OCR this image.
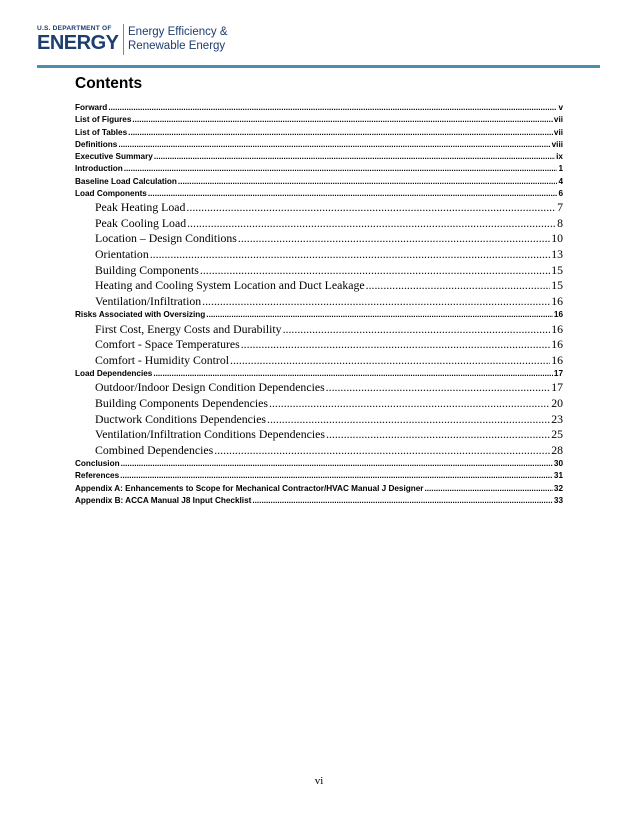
U.S. DEPARTMENT OF
ENERGY Energy Efficiency &
Renewable Energy
Contents
Forward .....	v
List of Figures .....	vii
List of Tables .....	vii
Definitions .....	viii
Executive Summary .....	ix
Introduction .....	1
Baseline Load Calculation .....	4
Load Components .....	6
Peak Heating Load .....	7
Peak Cooling Load .....	8
Location – Design Conditions .....	10
Orientation .....	13
Building Components .....	15
Heating and Cooling System Location and Duct Leakage .....	15
Ventilation/Infiltration .....	16
Risks Associated with Oversizing .....	16
First Cost, Energy Costs and Durability .....	16
Comfort - Space Temperatures .....	16
Comfort - Humidity Control .....	16
Load Dependencies .....	17
Outdoor/Indoor Design Condition Dependencies .....	17
Building Components Dependencies .....	20
Ductwork Conditions Dependencies .....	23
Ventilation/Infiltration Conditions Dependencies .....	25
Combined Dependencies .....	28
Conclusion .....	30
References .....	31
Appendix A: Enhancements to Scope for Mechanical Contractor/HVAC Manual J Designer .....	32
Appendix B: ACCA Manual J8 Input Checklist .....	33
vi
